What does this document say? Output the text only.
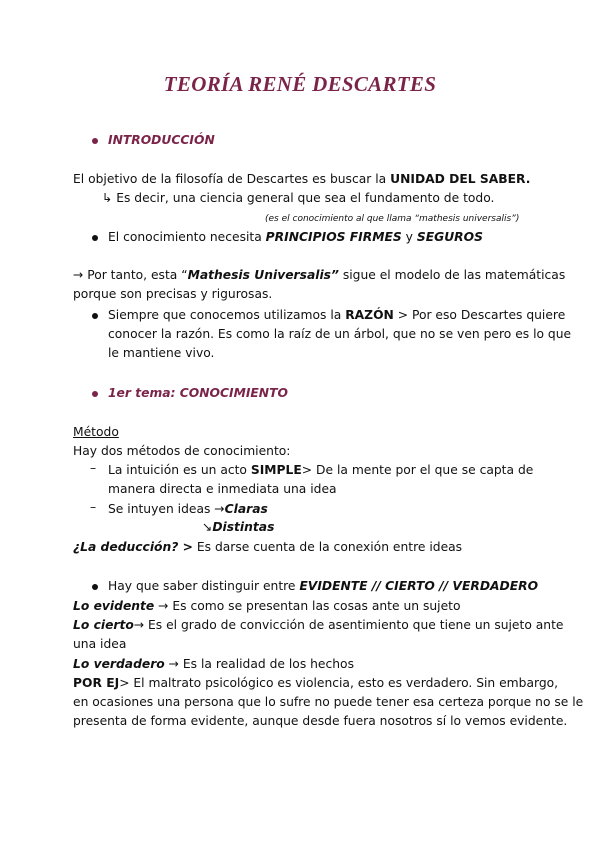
TEORÍA RENÉ DESCARTES
INTRODUCCIÓN
El objetivo de la filosofía de Descartes es buscar la UNIDAD DEL SABER.
↳ Es decir, una ciencia general que sea el fundamento de todo.
(es el conocimiento al que llama “mathesis universalis”)
El conocimiento necesita PRINCIPIOS FIRMES y SEGUROS
→ Por tanto, esta “Mathesis Universalis” sigue el modelo de las matemáticas
porque son precisas y rigurosas.
Siempre que conocemos utilizamos la RAZÓN > Por eso Descartes quiere
conocer la razón. Es como la raíz de un árbol, que no se ven pero es lo que
le mantiene vivo.
1er tema: CONOCIMIENTO
Método
Hay dos métodos de conocimiento:
– La intuición es un acto SIMPLE> De la mente por el que se capta de
manera directa e inmediata una idea
– Se intuyen ideas →Claras
↘Distintas
¿La deducción? > Es darse cuenta de la conexión entre ideas
Hay que saber distinguir entre EVIDENTE // CIERTO // VERDADERO
Lo evidente → Es como se presentan las cosas ante un sujeto
Lo cierto→ Es el grado de convicción de asentimiento que tiene un sujeto ante
una idea
Lo verdadero → Es la realidad de los hechos
POR EJ> El maltrato psicológico es violencia, esto es verdadero. Sin embargo,
en ocasiones una persona que lo sufre no puede tener esa certeza porque no se le
presenta de forma evidente, aunque desde fuera nosotros sí lo vemos evidente.
